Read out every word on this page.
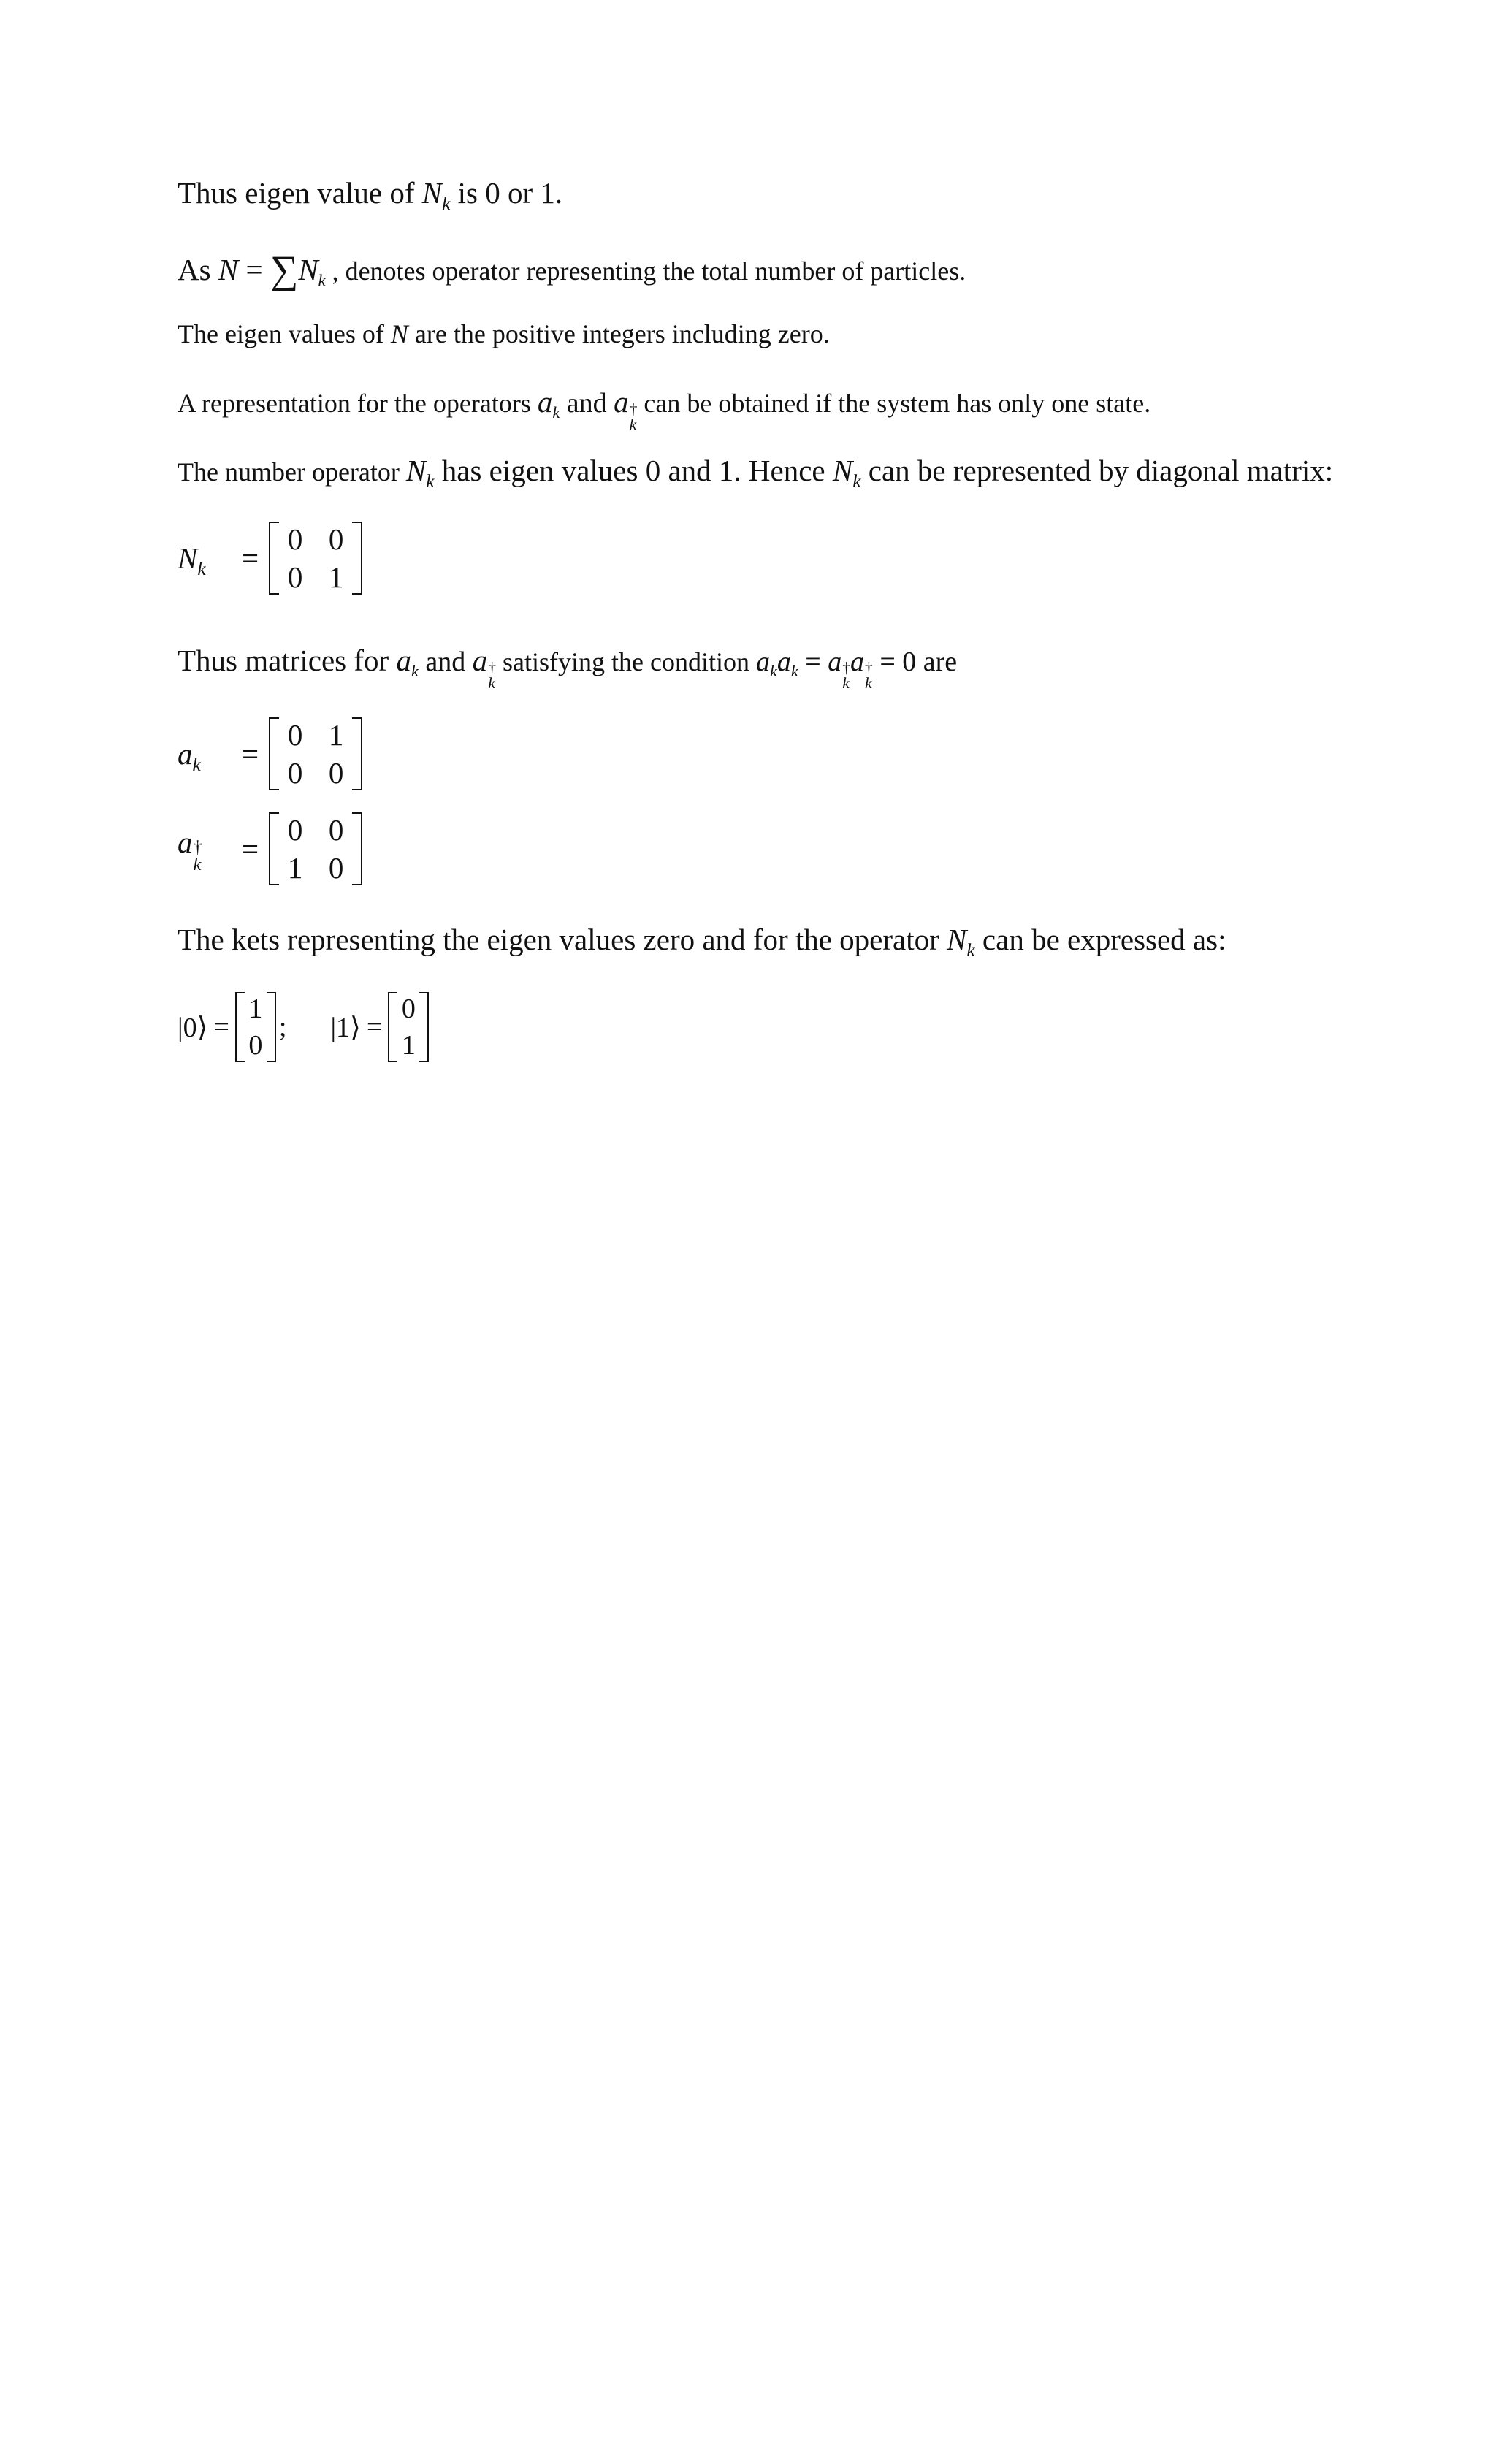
Thus eigen value of $N_k$ is 0 or 1.
As $N = \sum N_k$ , denotes operator representing the total number of particles.
The eigen values of N are the positive integers including zero.
A representation for the operators $a_k$ and a †
k
can be obtained if the system has only one state.
The number operator $N_k$ has eigen values 0 and 1. Hence $N_k$ can be represented by diagonal matrix:
N k =
0 0
0 1
Thus matrices for $a_k$ and a †
k
satisfying the condition $a_ka_k = a$ †
k
a †
k
= 0 are
a k =
0 1
0 0
a †
k =
0 0
1 0
The kets representing the eigen values zero and for the operator $N_k$ can be expressed as:
|0⟩ =
1
0
; |1⟩ =
0
1
